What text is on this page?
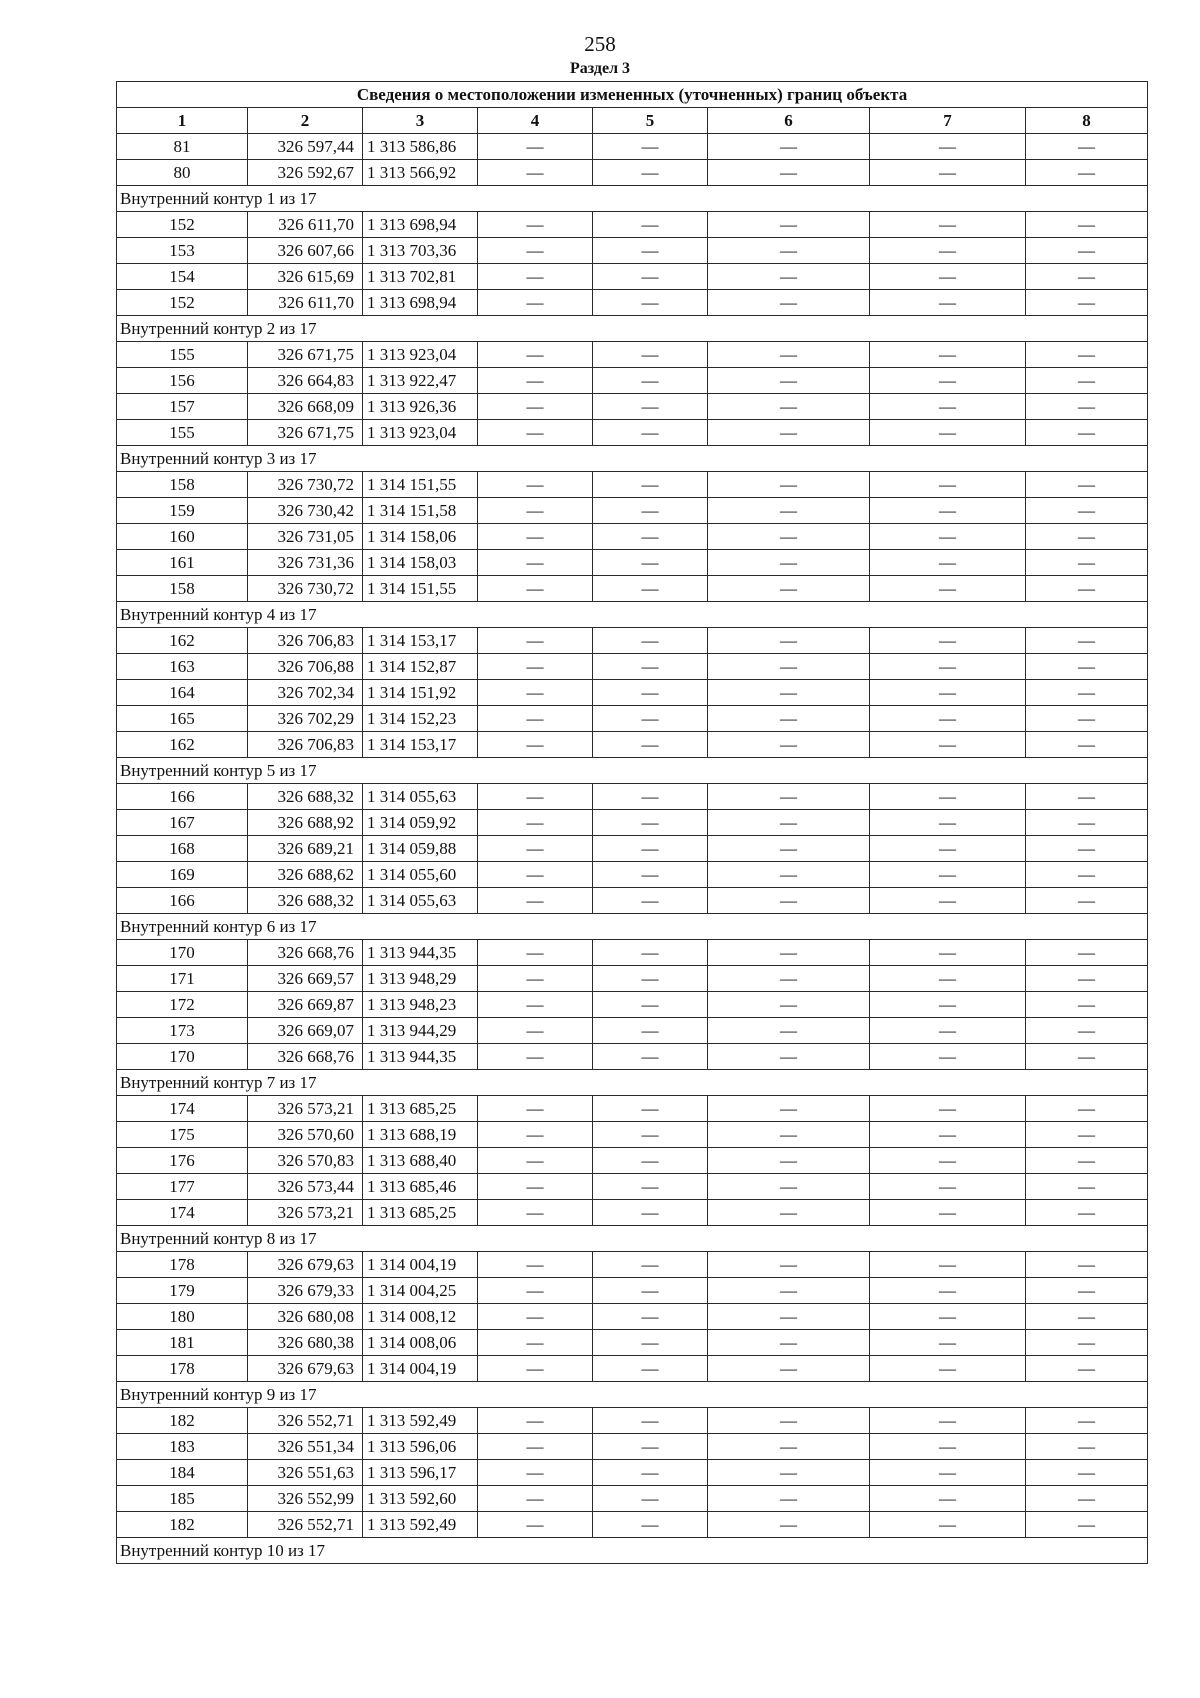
258
Раздел 3
Сведения о местоположении измененных (уточненных) границ объекта							
1	2	3	4	5	6	7	8
81	326 597,44	1 313 586,86	—	—	—	—	—
80	326 592,67	1 313 566,92	—	—	—	—	—
Внутренний контур 1 из 17							
152	326 611,70	1 313 698,94	—	—	—	—	—
153	326 607,66	1 313 703,36	—	—	—	—	—
154	326 615,69	1 313 702,81	—	—	—	—	—
152	326 611,70	1 313 698,94	—	—	—	—	—
Внутренний контур 2 из 17							
155	326 671,75	1 313 923,04	—	—	—	—	—
156	326 664,83	1 313 922,47	—	—	—	—	—
157	326 668,09	1 313 926,36	—	—	—	—	—
155	326 671,75	1 313 923,04	—	—	—	—	—
Внутренний контур 3 из 17							
158	326 730,72	1 314 151,55	—	—	—	—	—
159	326 730,42	1 314 151,58	—	—	—	—	—
160	326 731,05	1 314 158,06	—	—	—	—	—
161	326 731,36	1 314 158,03	—	—	—	—	—
158	326 730,72	1 314 151,55	—	—	—	—	—
Внутренний контур 4 из 17							
162	326 706,83	1 314 153,17	—	—	—	—	—
163	326 706,88	1 314 152,87	—	—	—	—	—
164	326 702,34	1 314 151,92	—	—	—	—	—
165	326 702,29	1 314 152,23	—	—	—	—	—
162	326 706,83	1 314 153,17	—	—	—	—	—
Внутренний контур 5 из 17							
166	326 688,32	1 314 055,63	—	—	—	—	—
167	326 688,92	1 314 059,92	—	—	—	—	—
168	326 689,21	1 314 059,88	—	—	—	—	—
169	326 688,62	1 314 055,60	—	—	—	—	—
166	326 688,32	1 314 055,63	—	—	—	—	—
Внутренний контур 6 из 17							
170	326 668,76	1 313 944,35	—	—	—	—	—
171	326 669,57	1 313 948,29	—	—	—	—	—
172	326 669,87	1 313 948,23	—	—	—	—	—
173	326 669,07	1 313 944,29	—	—	—	—	—
170	326 668,76	1 313 944,35	—	—	—	—	—
Внутренний контур 7 из 17							
174	326 573,21	1 313 685,25	—	—	—	—	—
175	326 570,60	1 313 688,19	—	—	—	—	—
176	326 570,83	1 313 688,40	—	—	—	—	—
177	326 573,44	1 313 685,46	—	—	—	—	—
174	326 573,21	1 313 685,25	—	—	—	—	—
Внутренний контур 8 из 17							
178	326 679,63	1 314 004,19	—	—	—	—	—
179	326 679,33	1 314 004,25	—	—	—	—	—
180	326 680,08	1 314 008,12	—	—	—	—	—
181	326 680,38	1 314 008,06	—	—	—	—	—
178	326 679,63	1 314 004,19	—	—	—	—	—
Внутренний контур 9 из 17							
182	326 552,71	1 313 592,49	—	—	—	—	—
183	326 551,34	1 313 596,06	—	—	—	—	—
184	326 551,63	1 313 596,17	—	—	—	—	—
185	326 552,99	1 313 592,60	—	—	—	—	—
182	326 552,71	1 313 592,49	—	—	—	—	—
Внутренний контур 10 из 17							
